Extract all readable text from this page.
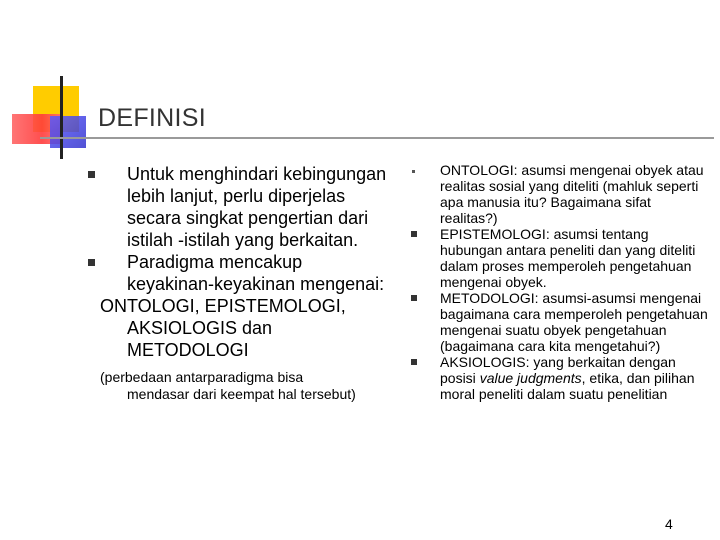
DEFINISI
Untuk menghindari kebingungan lebih lanjut, perlu diperjelas secara singkat pengertian dari istilah -istilah yang berkaitan.
Paradigma mencakup keyakinan-keyakinan mengenai:
ONTOLOGI, EPISTEMOLOGI,
AKSIOLOGIS dan METODOLOGI
(perbedaan antarparadigma bisa
mendasar dari keempat hal tersebut)
ONTOLOGI: asumsi mengenai obyek atau realitas sosial yang diteliti (mahluk seperti apa manusia itu? Bagaimana sifat realitas?)
EPISTEMOLOGI: asumsi tentang hubungan antara peneliti dan yang diteliti dalam proses memperoleh pengetahuan mengenai obyek.
METODOLOGI: asumsi-asumsi mengenai bagaimana cara memperoleh pengetahuan mengenai suatu obyek pengetahuan (bagaimana cara kita mengetahui?)
AKSIOLOGIS: yang berkaitan dengan posisi value judgments, etika, dan pilihan moral peneliti dalam suatu penelitian
4
